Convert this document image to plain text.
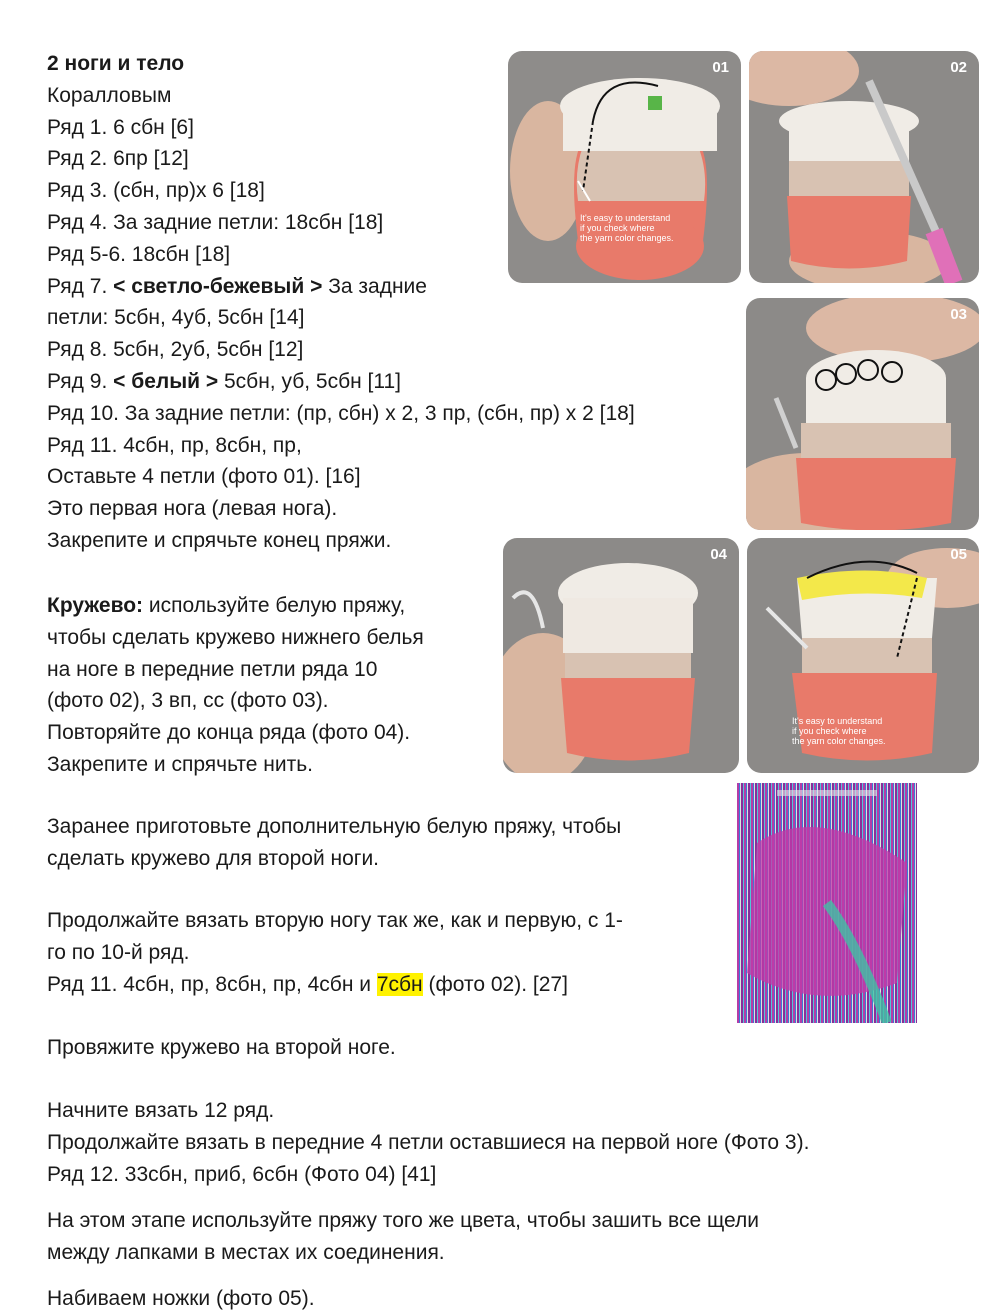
2 ноги и тело

Коралловым

Ряд 1. 6 сбн [6]

Ряд 2. 6пр [12]

Ряд 3. (сбн, пр)х 6 [18]

Ряд 4. За задние петли: 18сбн [18]

Ряд 5-6. 18сбн [18]

Ряд 7. < светло-бежевый > За задние

петли: 5сбн, 4уб, 5сбн [14]

Ряд 8. 5сбн, 2уб, 5сбн [12]

Ряд 9. < белый > 5сбн, уб, 5сбн [11]

Ряд 10. За задние петли: (пр, сбн) х 2, 3 пр, (сбн, пр) х 2 [18]

Ряд 11. 4сбн, пр, 8сбн, пр,

Оставьте 4 петли (фото 01). [16]

Это первая нога (левая нога).

Закрепите и спрячьте конец пряжи.

Кружево: используйте белую пряжу,

чтобы сделать кружево нижнего белья

на ноге в передние петли ряда 10

(фото 02), 3 вп, сс (фото 03).

Повторяйте до конца ряда (фото 04).

Закрепите и спрячьте нить.

Заранее приготовьте дополнительную белую пряжу, чтобы

сделать кружево для второй ноги.

Продолжайте вязать вторую ногу так же, как и первую, с 1-

го по 10-й ряд.

Ряд 11. 4сбн, пр, 8сбн, пр, 4сбн и 7сбн (фото 02). [27]

Провяжите кружево на второй ноге.

Начните вязать 12 ряд.

Продолжайте вязать в передние 4 петли оставшиеся на первой ноге (Фото 3).

Ряд 12. 33сбн, приб, 6сбн (Фото 04) [41]

На этом этапе используйте пряжу того же цвета, чтобы зашить все щели

между лапками в местах их соединения.

Набиваем ножки (фото 05).

01
It's easy to understand
if you check where
the yarn color changes.
02
03
04	05
It's easy to understand
if you check where
the yarn color changes.
